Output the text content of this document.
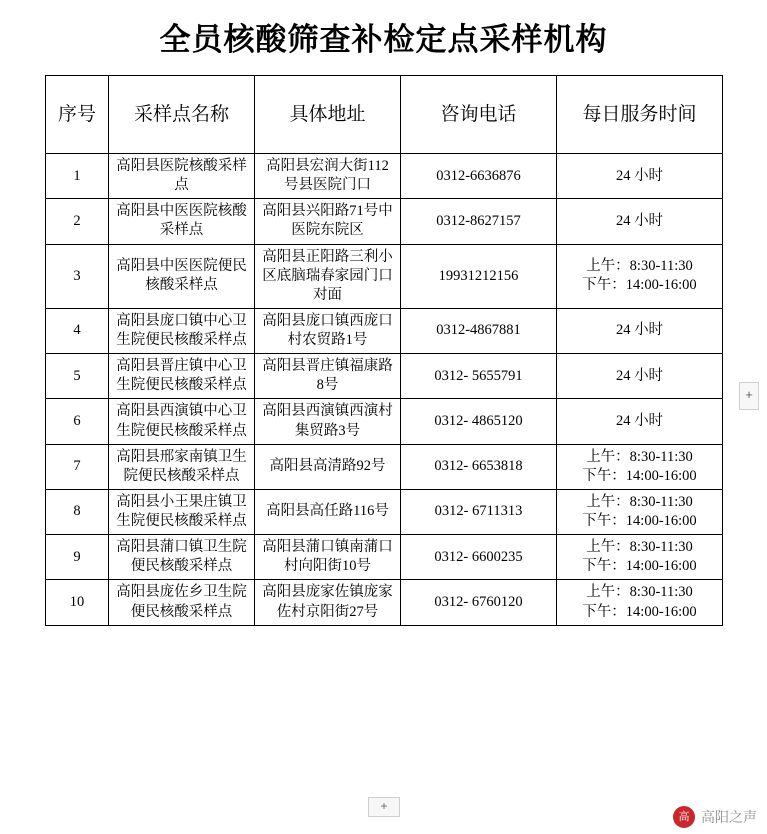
全员核酸筛查补检定点采样机构
序号	采样点名称	具体地址	咨询电话	每日服务时间
1	高阳县医院核酸采样点	高阳县宏润大街112号县医院门口	0312-6636876	24 小时

2	高阳县中医医院核酸采样点	高阳县兴阳路71号中医院东院区	0312-8627157	24 小时

3	高阳县中医医院便民核酸采样点	高阳县正阳路三利小区底脑瑞春家园门口对面	19931212156	上午：8:30-11:30
下午：14:00-16:00

4	高阳县庞口镇中心卫生院便民核酸采样点	高阳县庞口镇西庞口村农贸路1号	0312-4867881	24 小时

5	高阳县晋庄镇中心卫生院便民核酸采样点	高阳县晋庄镇福康路8号	0312- 5655791	24 小时

6	高阳县西演镇中心卫生院便民核酸采样点	高阳县西演镇西演村集贸路3号	0312- 4865120	24 小时

7	高阳县邢家南镇卫生院便民核酸采样点	高阳县高清路92号	0312- 6653818	上午：8:30-11:30
下午：14:00-16:00

8	高阳县小王果庄镇卫生院便民核酸采样点	高阳县高任路116号	0312- 6711313	上午：8:30-11:30
下午：14:00-16:00

9	高阳县蒲口镇卫生院便民核酸采样点	高阳县蒲口镇南蒲口村向阳街10号	0312- 6600235	上午：8:30-11:30
下午：14:00-16:00

10	高阳县庞佐乡卫生院便民核酸采样点	高阳县庞家佐镇庞家佐村京阳街27号	0312- 6760120	上午：8:30-11:30
下午：14:00-16:00
+
+
高 高阳之声
